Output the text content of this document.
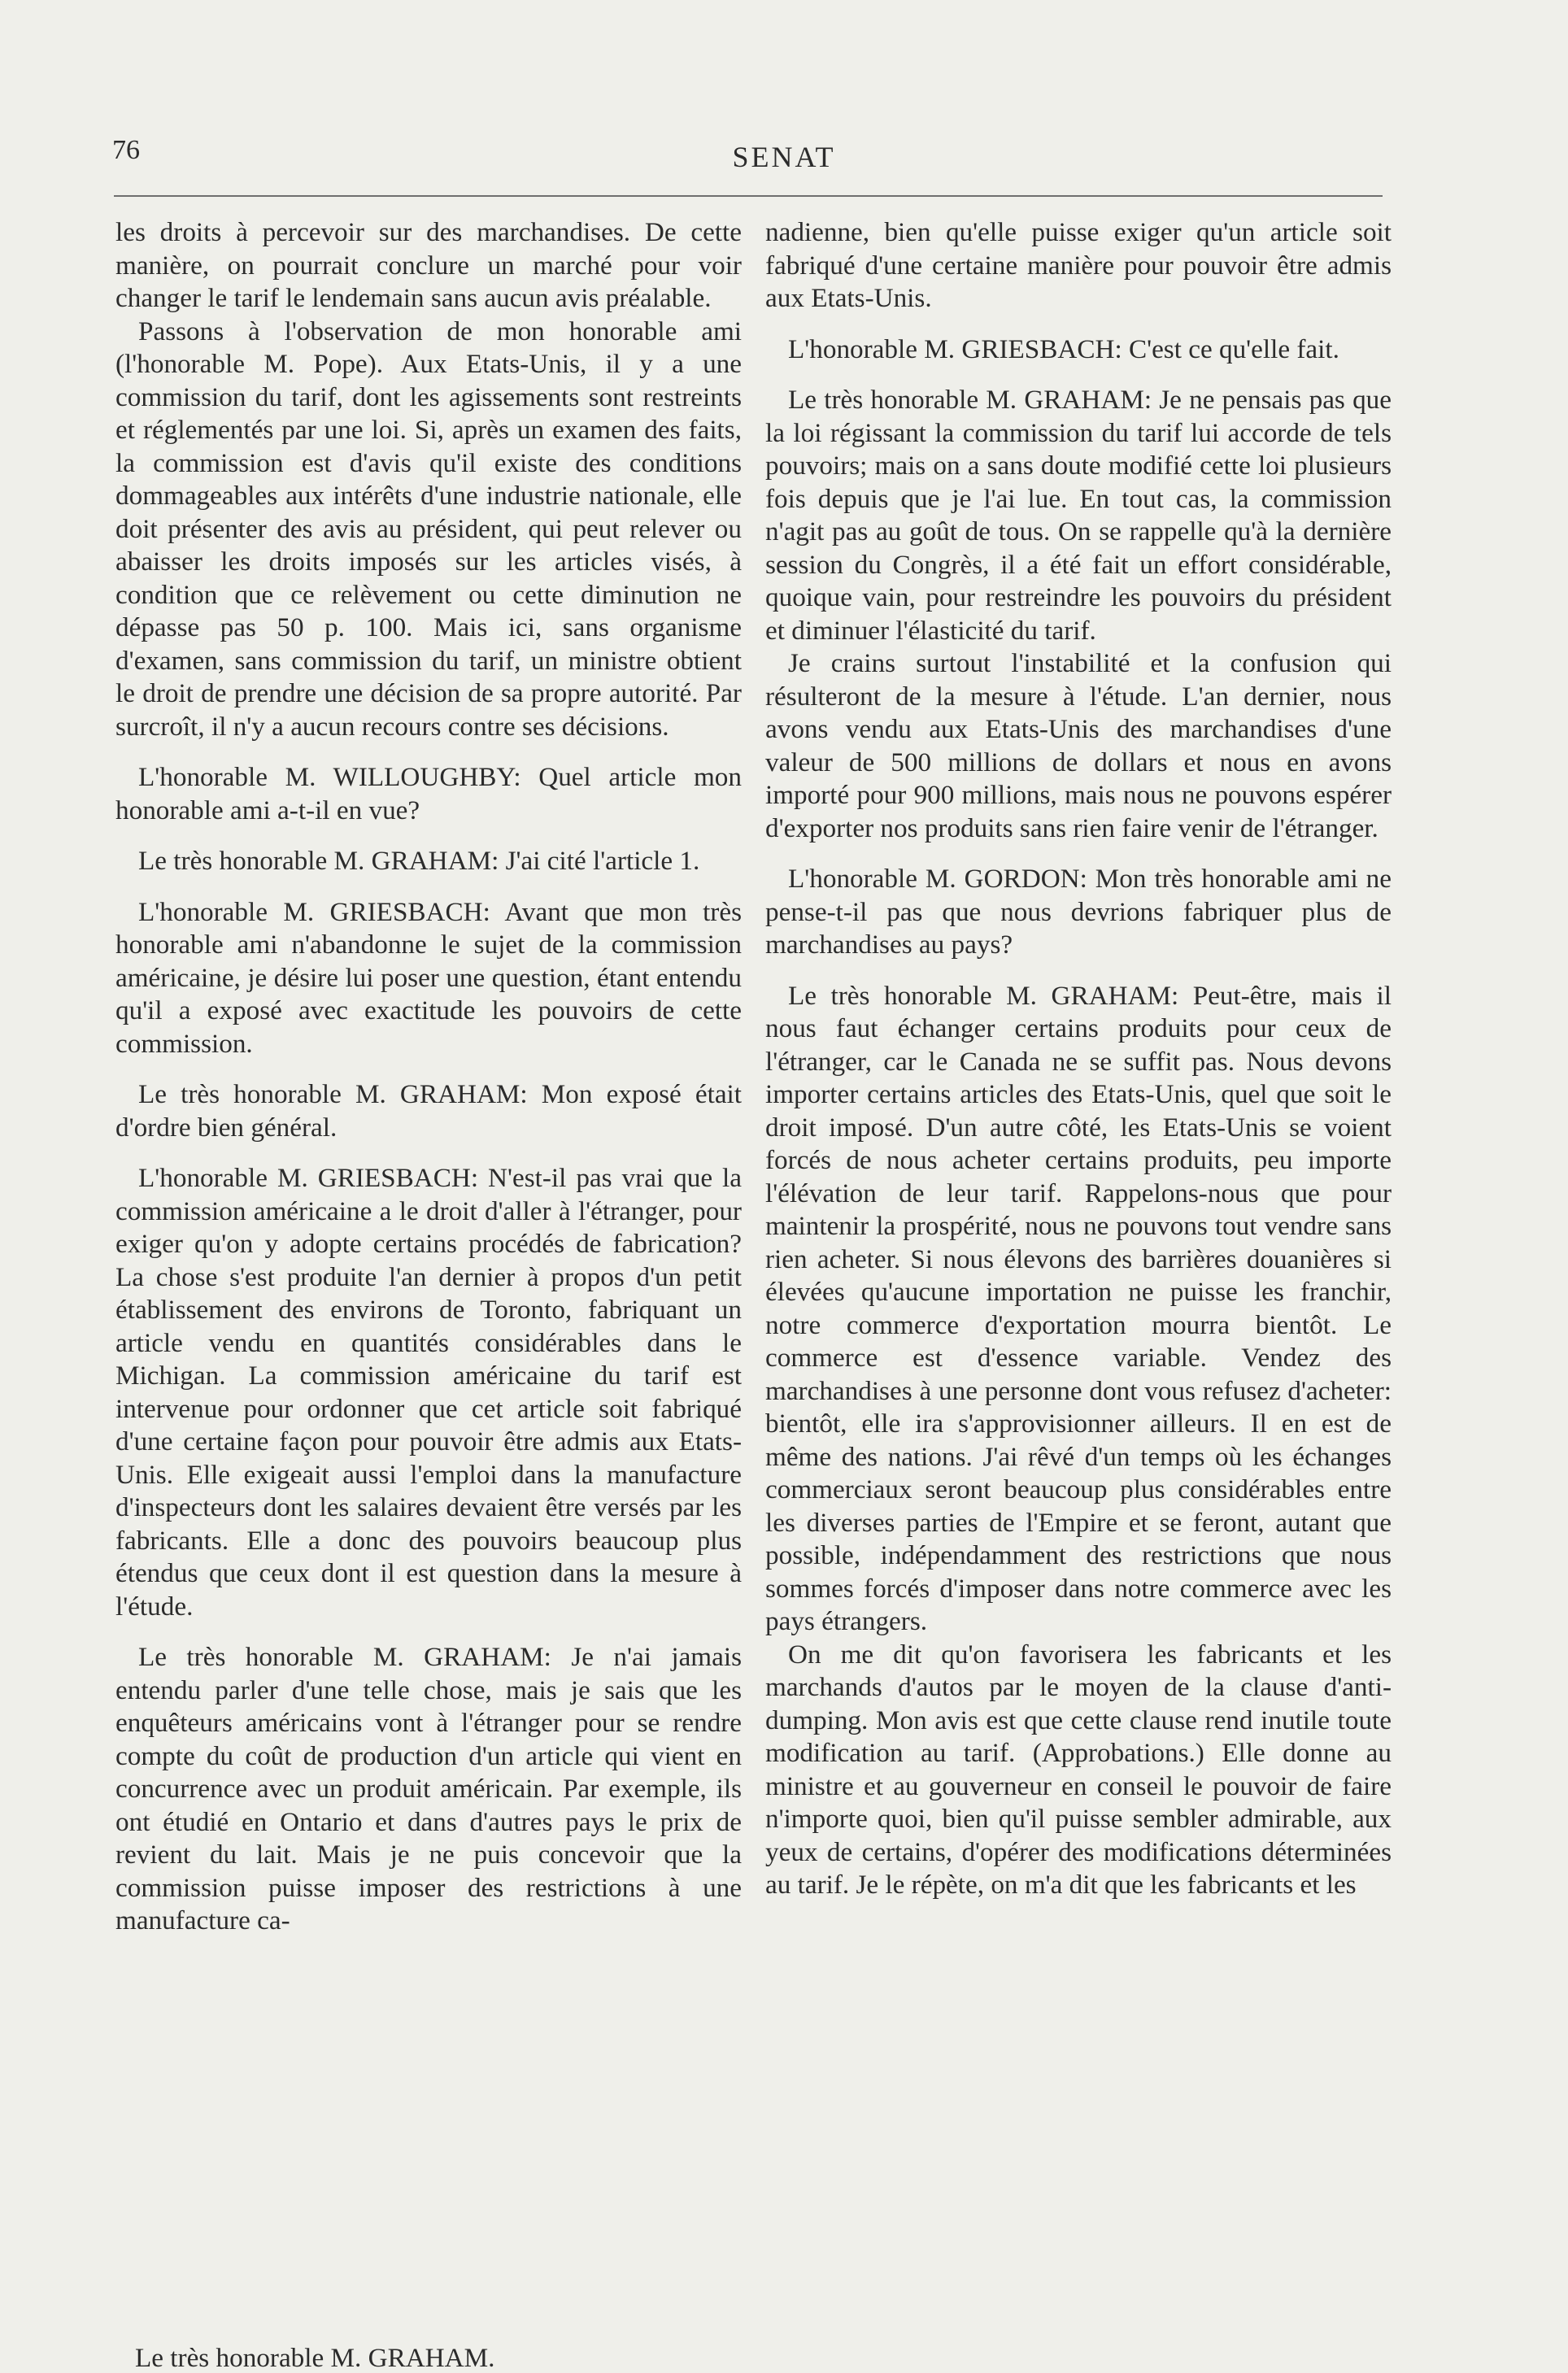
76	SENAT

les droits à percevoir sur des marchandises. De cette manière, on pourrait conclure un marché pour voir changer le tarif le lendemain sans aucun avis préalable.

Passons à l'observation de mon honorable ami (l'honorable M. Pope). Aux Etats-Unis, il y a une commission du tarif, dont les agissements sont restreints et réglementés par une loi. Si, après un examen des faits, la commission est d'avis qu'il existe des conditions dommageables aux intérêts d'une industrie nationale, elle doit présenter des avis au président, qui peut relever ou abaisser les droits imposés sur les articles visés, à condition que ce relèvement ou cette diminution ne dépasse pas 50 p. 100. Mais ici, sans organisme d'examen, sans commission du tarif, un ministre obtient le droit de prendre une décision de sa propre autorité. Par surcroît, il n'y a aucun recours contre ses décisions.

L'honorable M. WILLOUGHBY: Quel article mon honorable ami a-t-il en vue?

Le très honorable M. GRAHAM: J'ai cité l'article 1.

L'honorable M. GRIESBACH: Avant que mon très honorable ami n'abandonne le sujet de la commission américaine, je désire lui poser une question, étant entendu qu'il a exposé avec exactitude les pouvoirs de cette commission.

Le très honorable M. GRAHAM: Mon exposé était d'ordre bien général.

L'honorable M. GRIESBACH: N'est-il pas vrai que la commission américaine a le droit d'aller à l'étranger, pour exiger qu'on y adopte certains procédés de fabrication? La chose s'est produite l'an dernier à propos d'un petit établissement des environs de Toronto, fabriquant un article vendu en quantités considérables dans le Michigan. La commission américaine du tarif est intervenue pour ordonner que cet article soit fabriqué d'une certaine façon pour pouvoir être admis aux Etats-Unis. Elle exigeait aussi l'emploi dans la manufacture d'inspecteurs dont les salaires devaient être versés par les fabricants. Elle a donc des pouvoirs beaucoup plus étendus que ceux dont il est question dans la mesure à l'étude.

Le très honorable M. GRAHAM: Je n'ai jamais entendu parler d'une telle chose, mais je sais que les enquêteurs américains vont à l'étranger pour se rendre compte du coût de production d'un article qui vient en concurrence avec un produit américain. Par exemple, ils ont étudié en Ontario et dans d'autres pays le prix de revient du lait. Mais je ne puis concevoir que la commission puisse imposer des restrictions à une manufacture ca-

nadienne, bien qu'elle puisse exiger qu'un article soit fabriqué d'une certaine manière pour pouvoir être admis aux Etats-Unis.

L'honorable M. GRIESBACH: C'est ce qu'elle fait.

Le très honorable M. GRAHAM: Je ne pensais pas que la loi régissant la commission du tarif lui accorde de tels pouvoirs; mais on a sans doute modifié cette loi plusieurs fois depuis que je l'ai lue. En tout cas, la commission n'agit pas au goût de tous. On se rappelle qu'à la dernière session du Congrès, il a été fait un effort considérable, quoique vain, pour restreindre les pouvoirs du président et diminuer l'élasticité du tarif.

Je crains surtout l'instabilité et la confusion qui résulteront de la mesure à l'étude. L'an dernier, nous avons vendu aux Etats-Unis des marchandises d'une valeur de 500 millions de dollars et nous en avons importé pour 900 millions, mais nous ne pouvons espérer d'exporter nos produits sans rien faire venir de l'étranger.

L'honorable M. GORDON: Mon très honorable ami ne pense-t-il pas que nous devrions fabriquer plus de marchandises au pays?

Le très honorable M. GRAHAM: Peut-être, mais il nous faut échanger certains produits pour ceux de l'étranger, car le Canada ne se suffit pas. Nous devons importer certains articles des Etats-Unis, quel que soit le droit imposé. D'un autre côté, les Etats-Unis se voient forcés de nous acheter certains produits, peu importe l'élévation de leur tarif. Rappelons-nous que pour maintenir la prospérité, nous ne pouvons tout vendre sans rien acheter. Si nous élevons des barrières douanières si élevées qu'aucune importation ne puisse les franchir, notre commerce d'exportation mourra bientôt. Le commerce est d'essence variable. Vendez des marchandises à une personne dont vous refusez d'acheter: bientôt, elle ira s'approvisionner ailleurs. Il en est de même des nations. J'ai rêvé d'un temps où les échanges commerciaux seront beaucoup plus considérables entre les diverses parties de l'Empire et se feront, autant que possible, indépendamment des restrictions que nous sommes forcés d'imposer dans notre commerce avec les pays étrangers.

On me dit qu'on favorisera les fabricants et les marchands d'autos par le moyen de la clause d'anti-dumping. Mon avis est que cette clause rend inutile toute modification au tarif. (Approbations.) Elle donne au ministre et au gouverneur en conseil le pouvoir de faire n'importe quoi, bien qu'il puisse sembler admirable, aux yeux de certains, d'opérer des modifications déterminées au tarif. Je le répète, on m'a dit que les fabricants et les

Le très honorable M. GRAHAM.
